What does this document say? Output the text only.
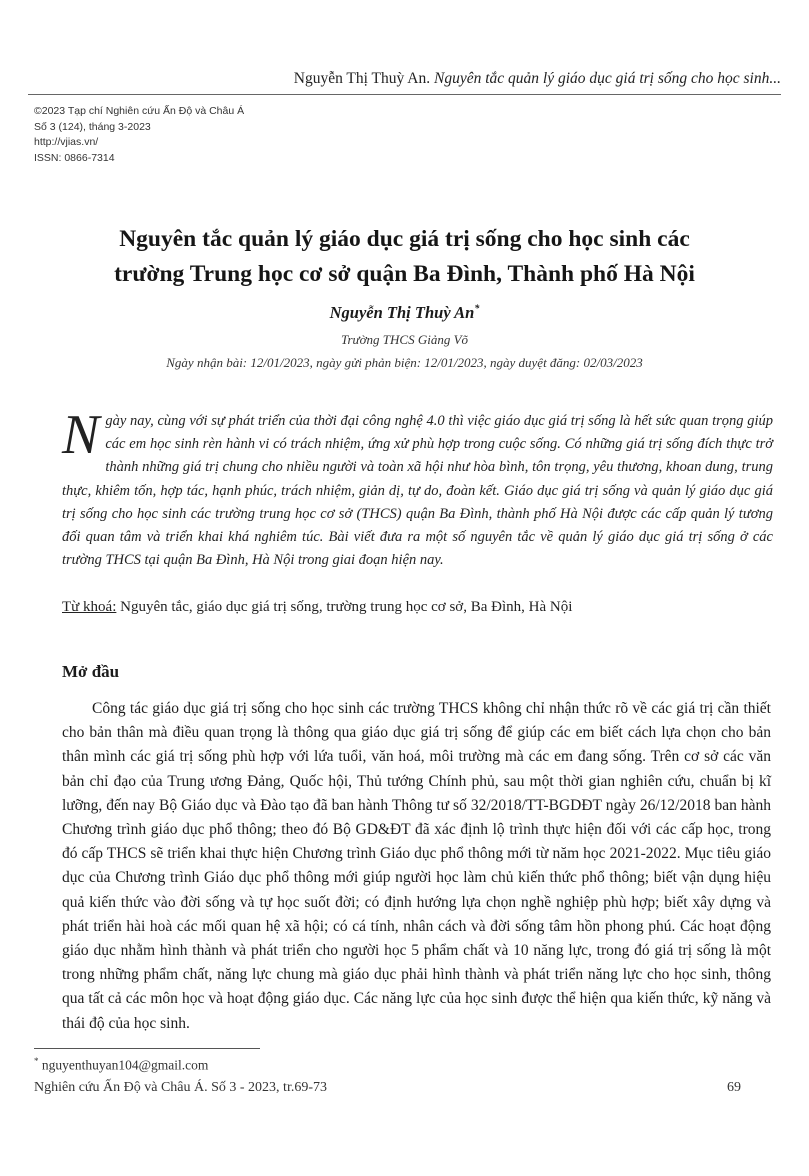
Nguyễn Thị Thuỳ An. Nguyên tắc quản lý giáo dục giá trị sống cho học sinh...
©2023 Tạp chí Nghiên cứu Ấn Độ và Châu Á
Số 3 (124), tháng 3-2023
http://vjias.vn/
ISSN: 0866-7314
Nguyên tắc quản lý giáo dục giá trị sống cho học sinh các
trường Trung học cơ sở quận Ba Đình, Thành phố Hà Nội
Nguyễn Thị Thuỳ An*
Trường THCS Giảng Võ
Ngày nhận bài: 12/01/2023, ngày gửi phản biện: 12/01/2023, ngày duyệt đăng: 02/03/2023
Ngày nay, cùng với sự phát triển của thời đại công nghệ 4.0 thì việc giáo dục giá trị sống là hết sức quan trọng giúp các em học sinh rèn hành vi có trách nhiệm, ứng xử phù hợp trong cuộc sống. Có những giá trị sống đích thực trở thành những giá trị chung cho nhiều người và toàn xã hội như hòa bình, tôn trọng, yêu thương, khoan dung, trung thực, khiêm tốn, hợp tác, hạnh phúc, trách nhiệm, giản dị, tự do, đoàn kết. Giáo dục giá trị sống và quản lý giáo dục giá trị sống cho học sinh các trường trung học cơ sở (THCS) quận Ba Đình, thành phố Hà Nội được các cấp quản lý tương đối quan tâm và triển khai khá nghiêm túc. Bài viết đưa ra một số nguyên tắc về quản lý giáo dục giá trị sống ở các trường THCS tại quận Ba Đình, Hà Nội trong giai đoạn hiện nay.
Từ khoá: Nguyên tắc, giáo dục giá trị sống, trường trung học cơ sở, Ba Đình, Hà Nội
Mở đầu
Công tác giáo dục giá trị sống cho học sinh các trường THCS không chỉ nhận thức rõ về các giá trị cần thiết cho bản thân mà điều quan trọng là thông qua giáo dục giá trị sống để giúp các em biết cách lựa chọn cho bản thân mình các giá trị sống phù hợp với lứa tuổi, văn hoá, môi trường mà các em đang sống. Trên cơ sở các văn bản chỉ đạo của Trung ương Đảng, Quốc hội, Thủ tướng Chính phủ, sau một thời gian nghiên cứu, chuẩn bị kĩ lưỡng, đến nay Bộ Giáo dục và Đào tạo đã ban hành Thông tư số 32/2018/TT-BGDĐT ngày 26/12/2018 ban hành Chương trình giáo dục phổ thông; theo đó Bộ GD&ĐT đã xác định lộ trình thực hiện đối với các cấp học, trong đó cấp THCS sẽ triển khai thực hiện Chương trình Giáo dục phổ thông mới từ năm học 2021-2022. Mục tiêu giáo dục của Chương trình Giáo dục phổ thông mới giúp người học làm chủ kiến thức phổ thông; biết vận dụng hiệu quả kiến thức vào đời sống và tự học suốt đời; có định hướng lựa chọn nghề nghiệp phù hợp; biết xây dựng và phát triển hài hoà các mối quan hệ xã hội; có cá tính, nhân cách và đời sống tâm hồn phong phú. Các hoạt động giáo dục nhằm hình thành và phát triển cho người học 5 phẩm chất và 10 năng lực, trong đó giá trị sống là một trong những phẩm chất, năng lực chung mà giáo dục phải hình thành và phát triển năng lực cho học sinh, thông qua tất cả các môn học và hoạt động giáo dục. Các năng lực của học sinh được thể hiện qua kiến thức, kỹ năng và thái độ của học sinh.
* nguyenthuyan104@gmail.com
Nghiên cứu Ấn Độ và Châu Á. Số 3 - 2023, tr.69-73	69
